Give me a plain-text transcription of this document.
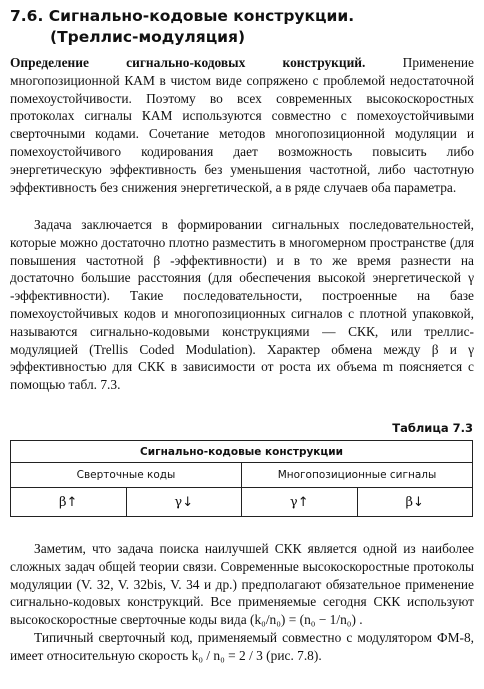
7.6. Сигнально-кодовые конструкции.
(Треллис-модуляция)

Определение сигнально-кодовых конструкций. Применение многопозиционной КАМ в чистом виде сопряжено с проблемой недостаточной помехоустойчивости. Поэтому во всех современных высокоскоростных протоколах сигналы КАМ используются совместно с помехоустойчивыми сверточными кодами. Сочетание методов многопозиционной модуляции и помехоустойчивого кодирования дает возможность повысить либо энергетическую эффективность без уменьшения частотной, либо частотную эффективность без снижения энергетической, а в ряде случаев оба параметра.

Задача заключается в формировании сигнальных последовательностей, которые можно достаточно плотно разместить в многомерном пространстве (для повышения частотной β -эффективности) и в то же время разнести на достаточно большие расстояния (для обеспечения высокой энергетической γ -эффективности). Такие последовательности, построенные на базе помехоустойчивых кодов и многопозиционных сигналов с плотной упаковкой, называются сигнально-кодовыми конструкциями — СКК, или треллис-модуляцией (Trellis Coded Modulation). Характер обмена между β и γ эффективностью для СКК в зависимости от роста их объема m поясняется с помощью табл. 7.3.

Таблица 7.3
Сигнально-кодовые конструкции			
Сверточные коды		Многопозиционные сигналы	
β↑	γ↓	γ↑	β↓

Заметим, что задача поиска наилучшей СКК является одной из наиболее сложных задач общей теории связи. Современные высокоскоростные протоколы модуляции (V. 32, V. 32bis, V. 34 и др.) предполагают обязательное применение сигнально-кодовых конструкций. Все применяемые сегодня СКК используют высокоскоростные сверточные коды вида (k₀/n₀) = (n₀ − 1/n₀) .

Типичный сверточный код, применяемый совместно с модулятором ФМ-8, имеет относительную скорость k₀ / n₀ = 2 / 3 (рис. 7.8).
